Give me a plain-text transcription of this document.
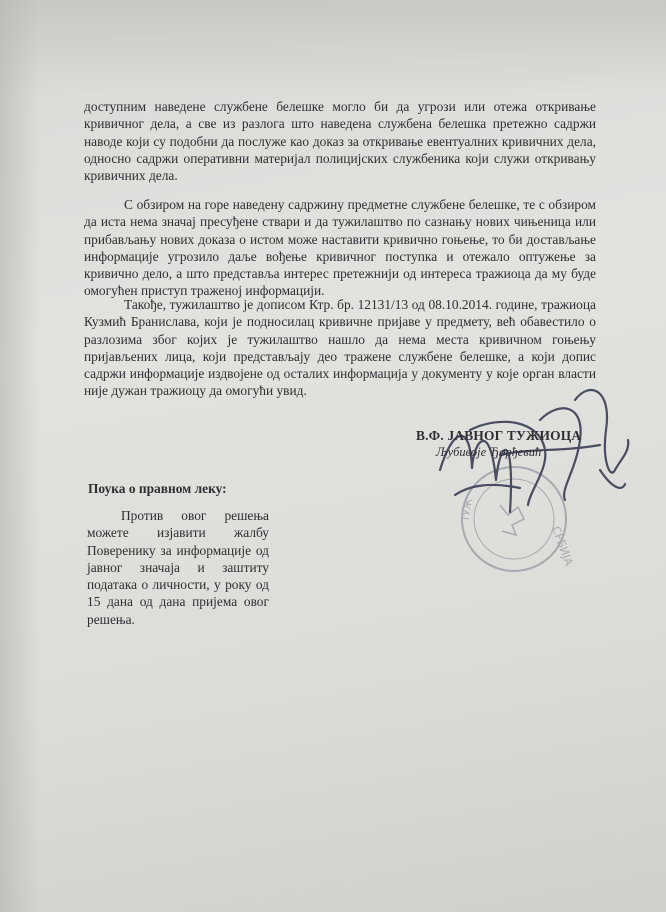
доступним наведене службене белешке могло би да угрози или отежа откривање кривичног дела, а све из разлога што наведена службена белешка претежно садржи наводе који су подобни да послуже као доказ за откривање евентуалних кривичних дела, односно садржи оперативни материјал полицијских службеника који служи откривању кривичних дела.

С обзиром на горе наведену садржину предметне службене белешке, те с обзиром да иста нема значај пресуђене ствари и да тужилаштво по сазнању нових чињеница или прибављању нових доказа о истом може наставити кривично гоњење, то би достављање информације угрозило даље вођење кривичног поступка и отежало оптужење за кривично дело, а што представља интерес претежнији од интереса тражиоца да му буде омогућен приступ траженој информацији.

Такође, тужилаштво је дописом Ктр. бр. 12131/13 од 08.10.2014. године, тражиоца Кузмић Бранислава, који је подносилац кривичне пријаве у предмету, већ обавестило о разлозима због којих је тужилаштво нашло да нема места кривичном гоњењу пријављених лица, који представљају део тражене службене белешке, а који допис садржи информације издвојене од осталих информација у документу у које орган власти није дужан тражиоцу да омогући увид.

СРБИЈА
ТУЖ
В.Ф. ЈАВНОГ ТУЖИОЦА
Љубивоје Ђорђевић
Поука о правном леку:

Против овог решења можете изјавити жалбу Поверенику за информације од јавног значаја и заштиту података о личности, у року од 15 дана од дана пријема овог решења.
